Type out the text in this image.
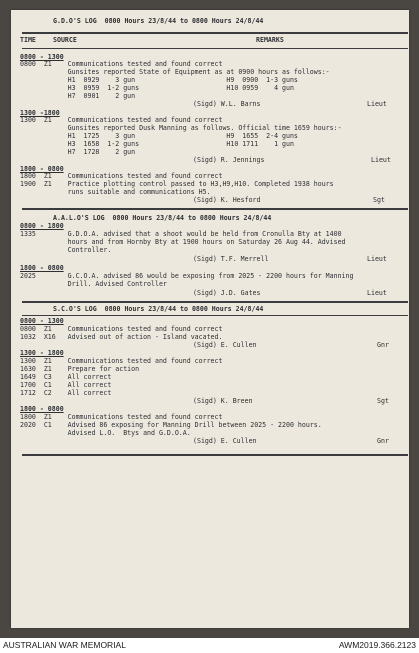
G.D.O'S LOG  0800 Hours 23/8/44 to 0800 Hours 24/8/44
TIME	SOURCE	REMARKS
0800 - 1300
0800  Z1    Communications tested and found correct
Gunsites reported State of Equipment as at 0900 hours as follows:-
H1  0929    3 gun                       H9  0900  1-3 guns
H3  0959  1-2 guns                      H10 0959    4 gun
H7  0901    2 gun
(Sigd) W.L. Barns	Lieut
1300 -1800
1300  Z1    Communications tested and found correct
Gunsites reported Dusk Manning as follows. Official time 1659 hours:-
H1  1725    3 gun                       H9  1655  2-4 guns
H3  1658  1-2 guns                      H10 1711    1 gun
H7  1728    2 gun
(Sigd) R. Jennings	Lieut
1800 - 0800
1800  Z1    Communications tested and found correct
1900  Z1    Practice plotting control passed to H3,H9,H10. Completed 1938 hours
runs suitable and communications H5.
(Sigd) K. Hesford	Sgt
A.A.L.O'S LOG  0800 Hours 23/8/44 to 0800 Hours 24/8/44
0800 - 1800
1335        G.D.O.A. advised that a shoot would be held from Cronulla Bty at 1400
hours and from Hornby Bty at 1900 hours on Saturday 26 Aug 44. Advised
Controller.
(Sigd) T.F. Merrell	Lieut
1800 - 0800
2025        G.C.O.A. advised 86 would be exposing from 2025 - 2200 hours for Manning
Drill. Advised Controller
(Sigd) J.D. Gates	Lieut
S.C.O'S LOG  0800 Hours 23/8/44 to 0800 Hours 24/8/44
0800 - 1300
0800  Z1    Communications tested and found correct
1032  X16   Advised out of action - Island vacated.
(Sigd) E. Cullen	Gnr
1300 - 1800
1300  Z1    Communications tested and found correct
1630  Z1    Prepare for action
1649  C3    All correct
1700  C1    All correct
1712  C2    All correct
(Sigd) K. Breen	Sgt
1800 - 0800
1800  Z1    Communications tested and found correct
2020  C1    Advised 86 exposing for Manning Drill between 2025 - 2200 hours.
Advised L.O.  Btys and G.D.O.A.
(Sigd) E. Cullen	Gnr
AUSTRALIAN WAR MEMORIAL	AWM2019.366.2123
